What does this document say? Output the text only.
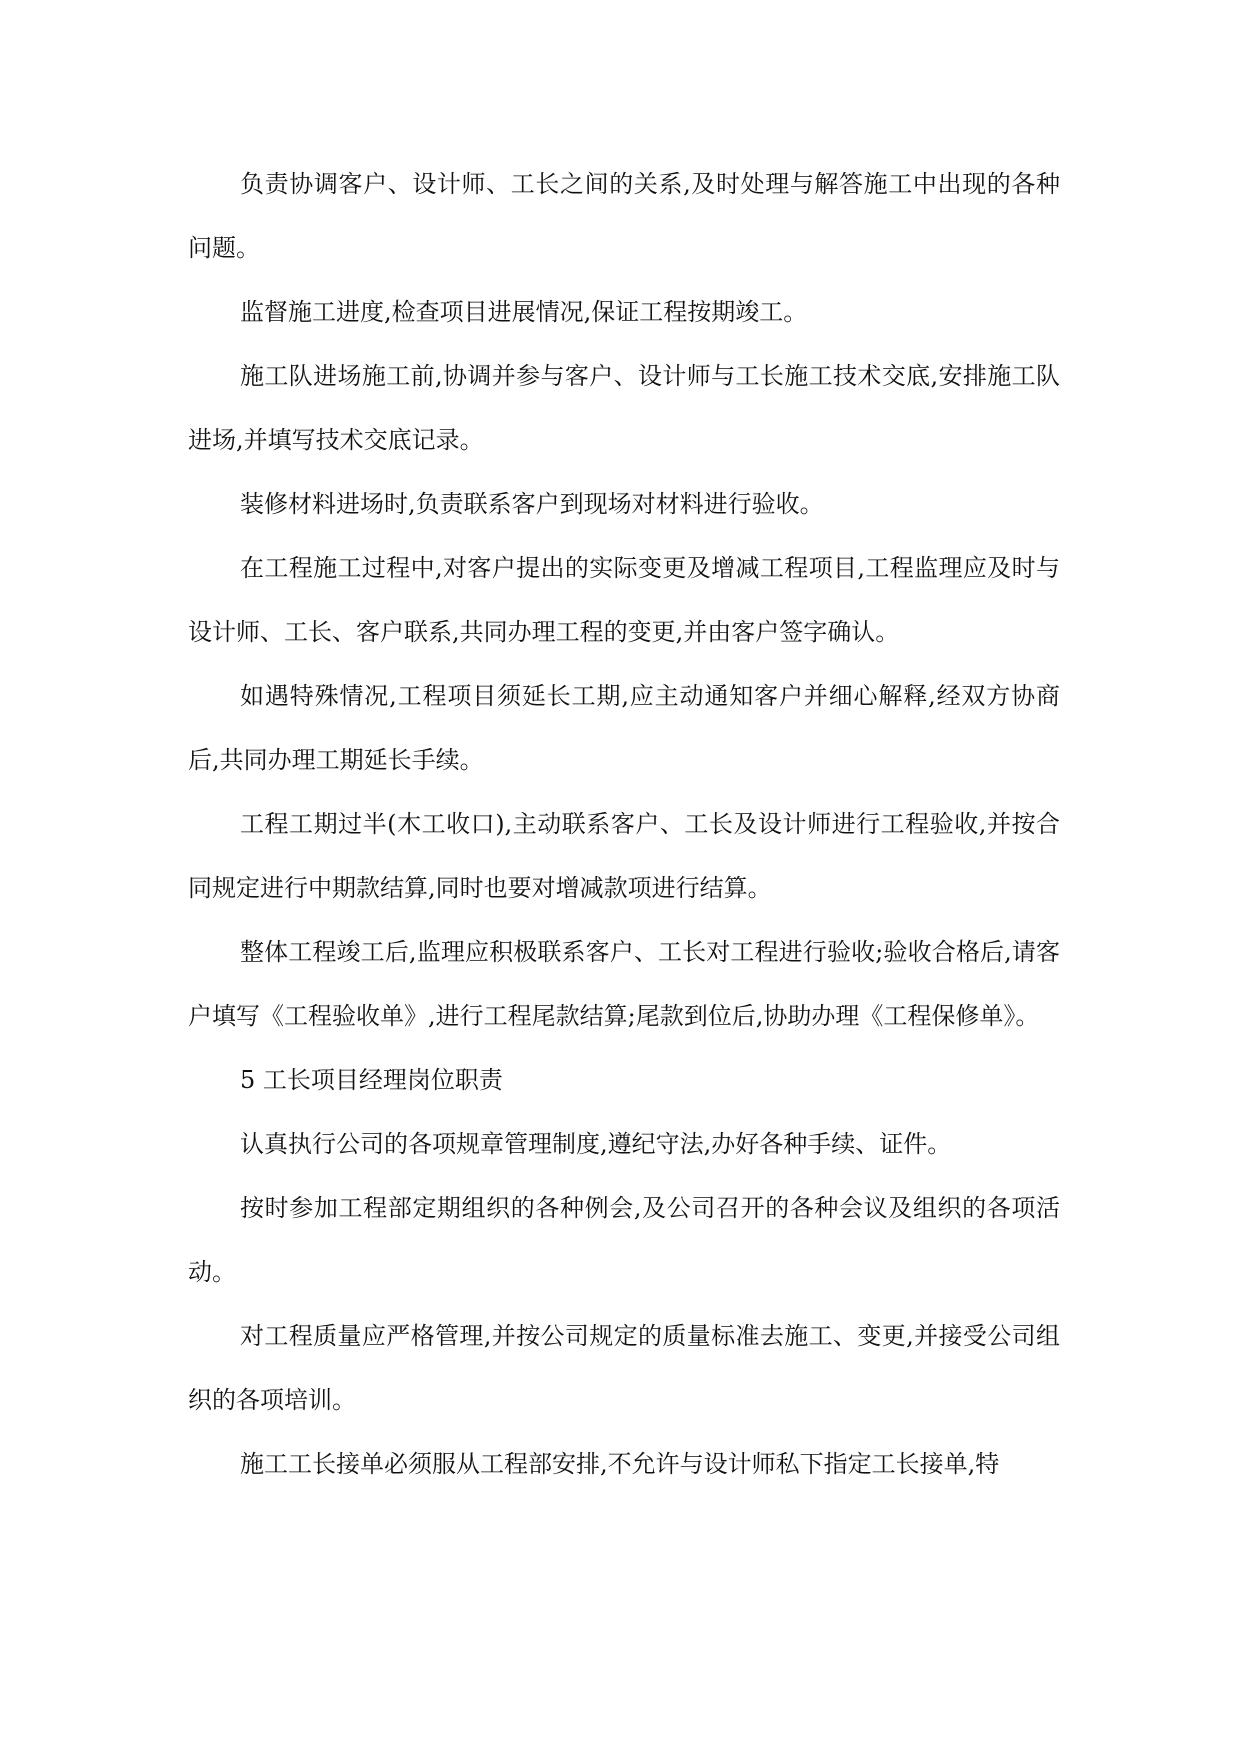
负责协调客户、设计师、工长之间的关系,及时处理与解答施工中出现的各种问题。

监督施工进度,检查项目进展情况,保证工程按期竣工。

施工队进场施工前,协调并参与客户、设计师与工长施工技术交底,安排施工队进场,并填写技术交底记录。

装修材料进场时,负责联系客户到现场对材料进行验收。

在工程施工过程中,对客户提出的实际变更及增减工程项目,工程监理应及时与设计师、工长、客户联系,共同办理工程的变更,并由客户签字确认。

如遇特殊情况,工程项目须延长工期,应主动通知客户并细心解释,经双方协商后,共同办理工期延长手续。

工程工期过半(木工收口),主动联系客户、工长及设计师进行工程验收,并按合同规定进行中期款结算,同时也要对增减款项进行结算。

整体工程竣工后,监理应积极联系客户、工长对工程进行验收;验收合格后,请客户填写《工程验收单》,进行工程尾款结算;尾款到位后,协助办理《工程保修单》。

5 工长项目经理岗位职责

认真执行公司的各项规章管理制度,遵纪守法,办好各种手续、证件。

按时参加工程部定期组织的各种例会,及公司召开的各种会议及组织的各项活动。

对工程质量应严格管理,并按公司规定的质量标准去施工、变更,并接受公司组织的各项培训。

施工工长接单必须服从工程部安排,不允许与设计师私下指定工长接单,特
